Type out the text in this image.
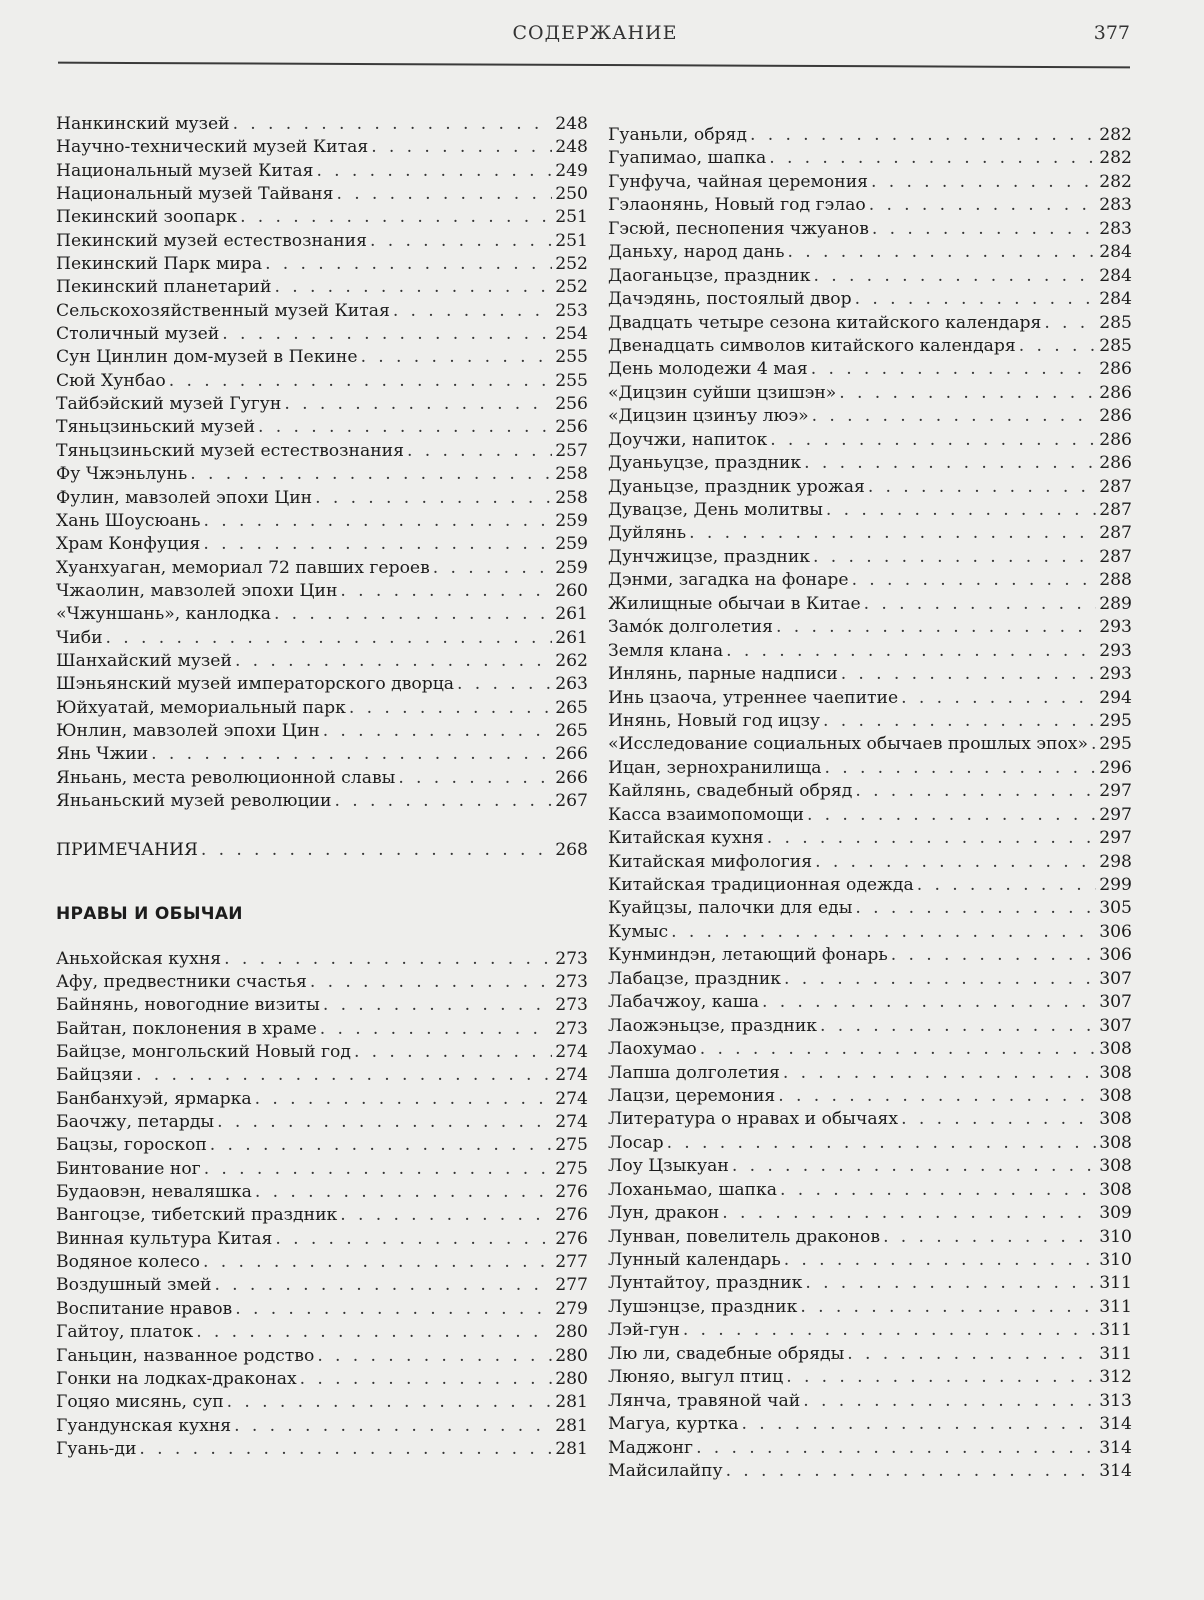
СОДЕРЖАНИЕ	377
Нанкинский музей . . .	248
Научно-технический музей Китая . . .	248
Национальный музей Китая . . .	249
Национальный музей Тайваня . . .	250
Пекинский зоопарк . . .	251
Пекинский музей естествознания . . .	251
Пекинский Парк мира . . .	252
Пекинский планетарий . . .	252
Сельскохозяйственный музей Китая . . .	253
Столичный музей . . .	254
Сун Цинлин дом-музей в Пекине . . .	255
Сюй Хунбао . . .	255
Тайбэйский музей Гугун . . .	256
Тяньцзиньский музей . . .	256
Тяньцзиньский музей естествознания . . .	257
Фу Чжэньлунь . . .	258
Фулин, мавзолей эпохи Цин . . .	258
Хань Шоусюань . . .	259
Храм Конфуция . . .	259
Хуанхуаган, мемориал 72 павших героев . . .	259
Чжаолин, мавзолей эпохи Цин . . .	260
«Чжуншань», канлодка . . .	261
Чиби . . .	261
Шанхайский музей . . .	262
Шэньянский музей императорского дворца . . .	263
Юйхуатай, мемориальный парк . . .	265
Юнлин, мавзолей эпохи Цин . . .	265
Янь Чжии . . .	266
Яньань, места революционной славы . . .	266
Яньаньский музей революции . . .	267
ПРИМЕЧАНИЯ . . .	268
НРАВЫ И ОБЫЧАИ
Аньхойская кухня . . .	273
Афу, предвестники счастья . . .	273
Байнянь, новогодние визиты . . .	273
Байтан, поклонения в храме . . .	273
Байцзе, монгольский Новый год . . .	274
Байцзяи . . .	274
Банбанхуэй, ярмарка . . .	274
Баочжу, петарды . . .	274
Бацзы, гороскоп . . .	275
Бинтование ног . . .	275
Будаовэн, неваляшка . . .	276
Вангоцзе, тибетский праздник . . .	276
Винная культура Китая . . .	276
Водяное колесо . . .	277
Воздушный змей . . .	277
Воспитание нравов . . .	279
Гайтоу, платок . . .	280
Ганьцин, названное родство . . .	280
Гонки на лодках-драконах . . .	280
Гоцяо мисянь, суп . . .	281
Гуандунская кухня . . .	281
Гуань-ди . . .	281
Гуаньли, обряд . . .	282
Гуапимао, шапка . . .	282
Гунфуча, чайная церемония . . .	282
Гэлаонянь, Новый год гэлао . . .	283
Гэсюй, песнопения чжуанов . . .	283
Даньху, народ дань . . .	284
Даоганьцзе, праздник . . .	284
Дачэдянь, постоялый двор . . .	284
Двадцать четыре сезона китайского календаря . . .	285
Двенадцать символов китайского календаря . . .	285
День молодежи 4 мая . . .	286
«Дицзин суйши цзишэн» . . .	286
«Дицзин цзинъу люэ» . . .	286
Доучжи, напиток . . .	286
Дуаньуцзе, праздник . . .	286
Дуаньцзе, праздник урожая . . .	287
Дувацзе, День молитвы . . .	287
Дуйлянь . . .	287
Дунчжицзе, праздник . . .	287
Дэнми, загадка на фонаре . . .	288
Жилищные обычаи в Китае . . .	289
Замо́к долголетия . . .	293
Земля клана . . .	293
Инлянь, парные надписи . . .	293
Инь цзаоча, утреннее чаепитие . . .	294
Инянь, Новый год ицзу . . .	295
«Исследование социальных обычаев прошлых эпох» . . . 295
Ицан, зернохранилища . . .	296
Кайлянь, свадебный обряд . . .	297
Касса взаимопомощи . . .	297
Китайская кухня . . .	297
Китайская мифология . . .	298
Китайская традиционная одежда . . .	299
Куайцзы, палочки для еды . . .	305
Кумыс . . .	306
Кунминдэн, летающий фонарь . . .	306
Лабацзе, праздник . . .	307
Лабачжоу, каша . . .	307
Лаожэньцзе, праздник . . .	307
Лаохумао . . .	308
Лапша долголетия . . .	308
Лацзи, церемония . . .	308
Литература о нравах и обычаях . . .	308
Лосар . . .	308
Лоу Цзыкуан . . .	308
Лоханьмао, шапка . . .	308
Лун, дракон . . .	309
Лунван, повелитель драконов . . .	310
Лунный календарь . . .	310
Лунтайтоу, праздник . . .	311
Лушэнцзе, праздник . . .	311
Лэй-гун . . .	311
Лю ли, свадебные обряды . . .	311
Люняо, выгул птиц . . .	312
Лянча, травяной чай . . .	313
Магуа, куртка . . .	314
Маджонг . . .	314
Майсилайпу . . .	314
